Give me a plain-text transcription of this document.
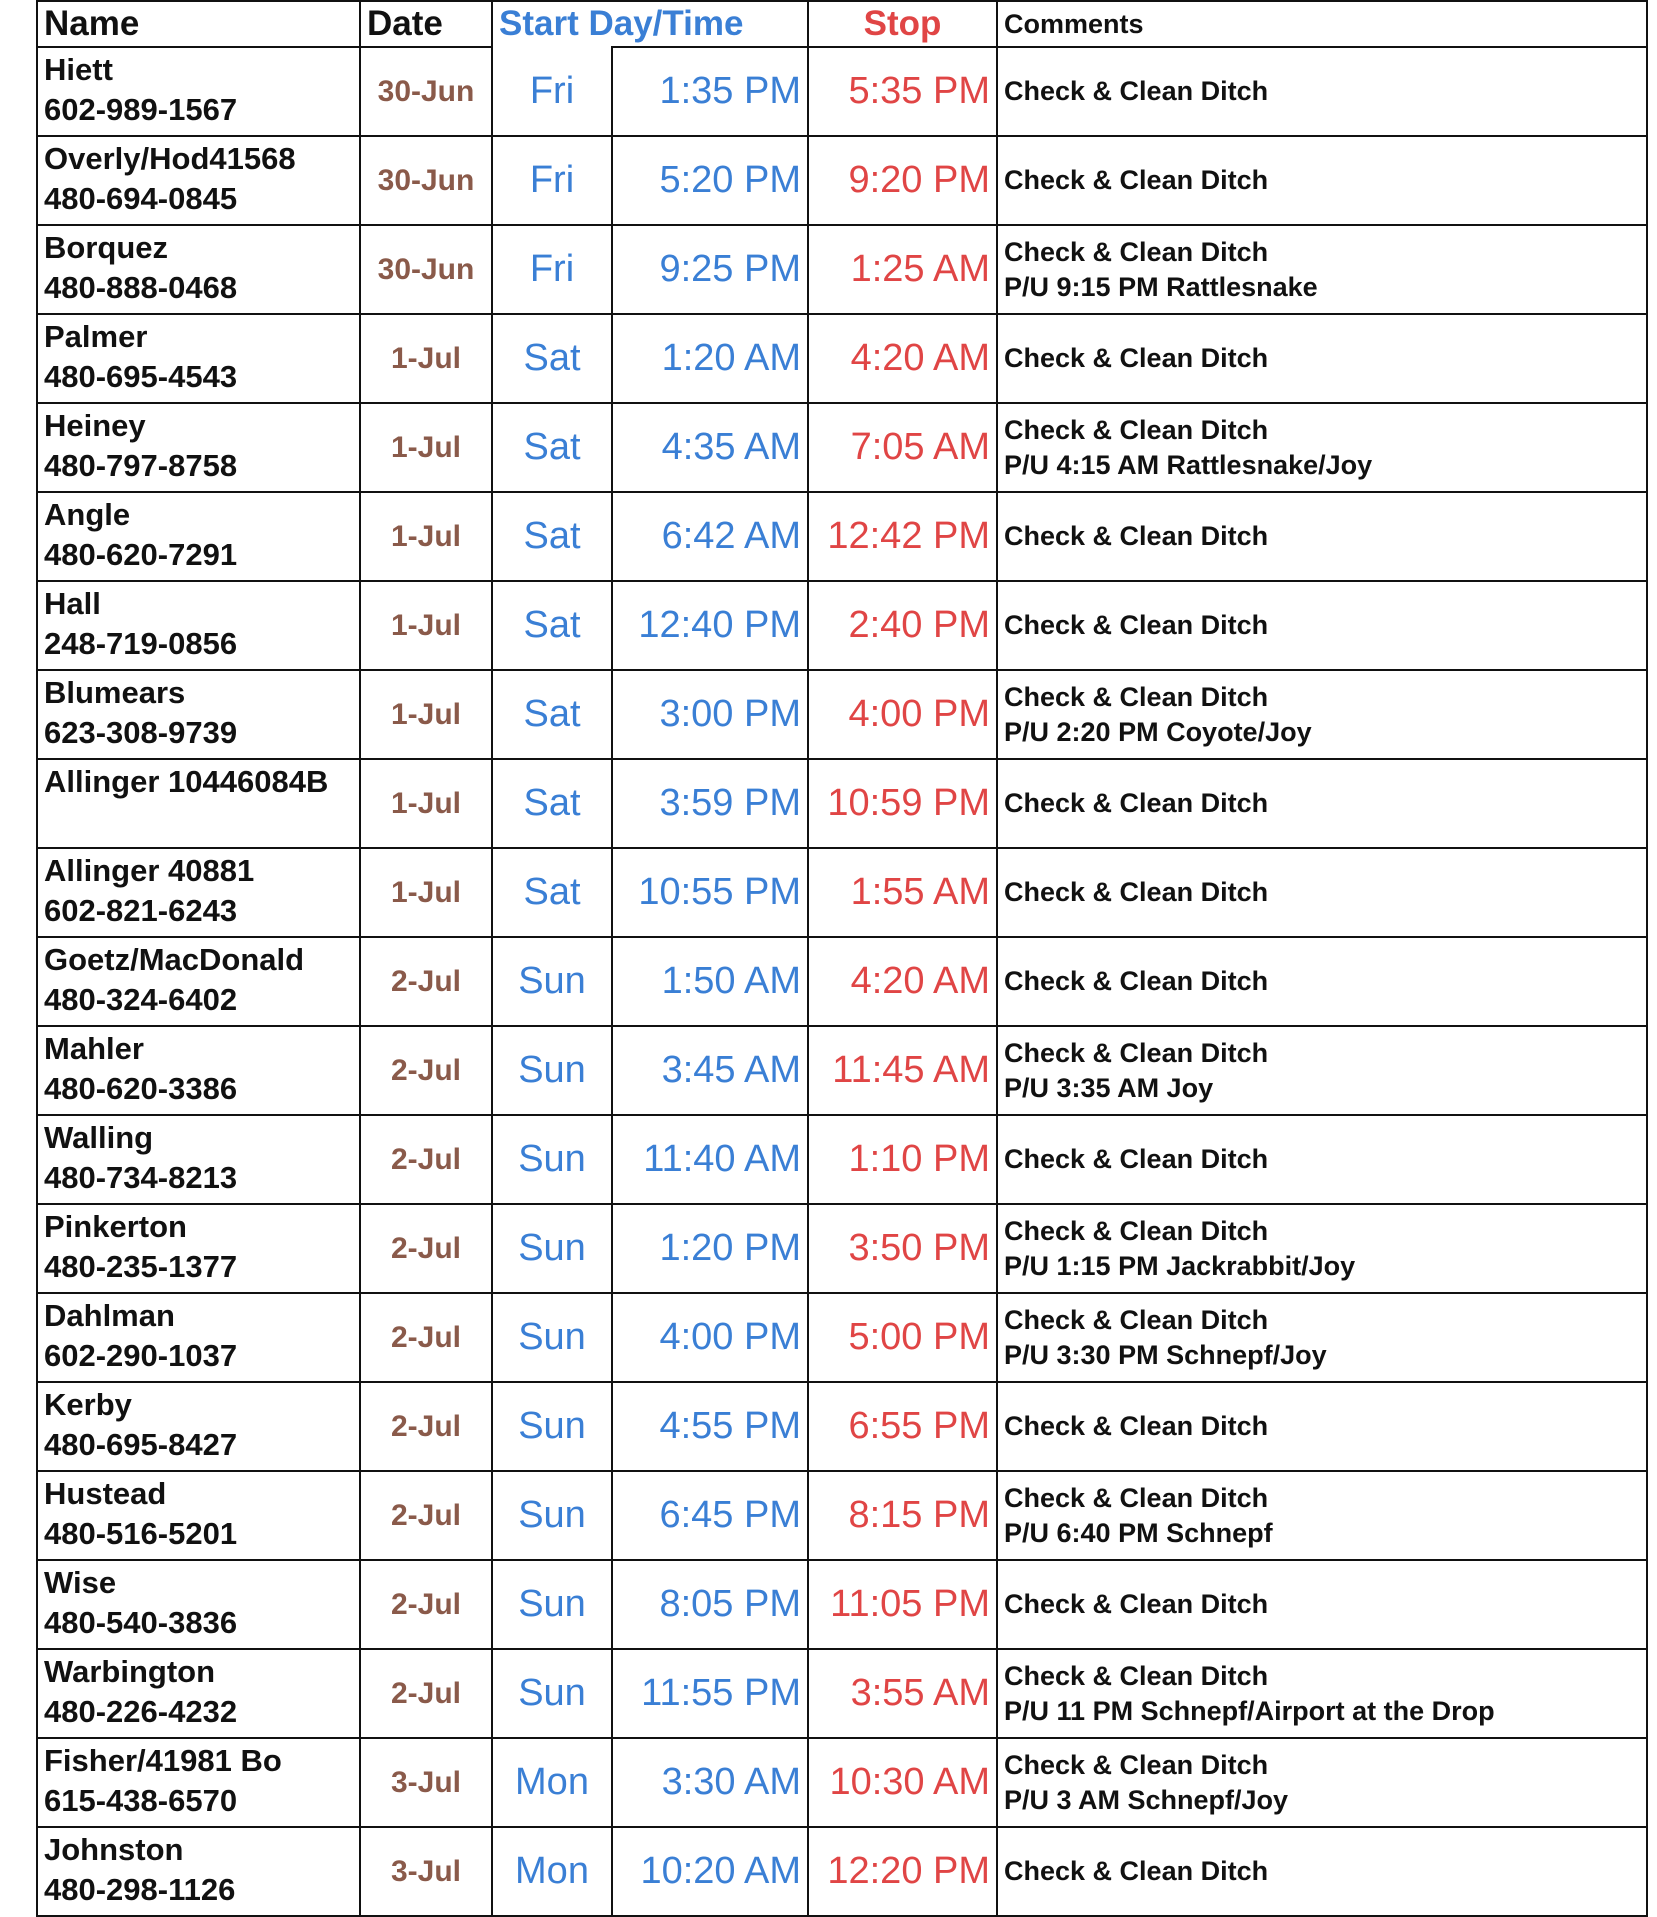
Name	Date	Start Day/Time		Stop	Comments

Hiett
602-989-1567	30-Jun	Fri	1:35 PM	5:35 PM	Check & Clean Ditch

Overly/Hod41568
480-694-0845	30-Jun	Fri	5:20 PM	9:20 PM	Check & Clean Ditch

Borquez
480-888-0468	30-Jun	Fri	9:25 PM	1:25 AM	Check & Clean Ditch
P/U 9:15 PM Rattlesnake

Palmer
480-695-4543	1-Jul	Sat	1:20 AM	4:20 AM	Check & Clean Ditch

Heiney
480-797-8758	1-Jul	Sat	4:35 AM	7:05 AM	Check & Clean Ditch
P/U 4:15 AM Rattlesnake/Joy

Angle
480-620-7291	1-Jul	Sat	6:42 AM	12:42 PM	Check & Clean Ditch

Hall
248-719-0856	1-Jul	Sat	12:40 PM	2:40 PM	Check & Clean Ditch

Blumears
623-308-9739	1-Jul	Sat	3:00 PM	4:00 PM	Check & Clean Ditch
P/U 2:20 PM Coyote/Joy

Allinger 10446084B	1-Jul	Sat	3:59 PM	10:59 PM	Check & Clean Ditch

Allinger 40881
602-821-6243	1-Jul	Sat	10:55 PM	1:55 AM	Check & Clean Ditch

Goetz/MacDonald
480-324-6402	2-Jul	Sun	1:50 AM	4:20 AM	Check & Clean Ditch

Mahler
480-620-3386	2-Jul	Sun	3:45 AM	11:45 AM	Check & Clean Ditch
P/U 3:35 AM Joy

Walling
480-734-8213	2-Jul	Sun	11:40 AM	1:10 PM	Check & Clean Ditch

Pinkerton
480-235-1377	2-Jul	Sun	1:20 PM	3:50 PM	Check & Clean Ditch
P/U 1:15 PM Jackrabbit/Joy

Dahlman
602-290-1037	2-Jul	Sun	4:00 PM	5:00 PM	Check & Clean Ditch
P/U 3:30 PM Schnepf/Joy

Kerby
480-695-8427	2-Jul	Sun	4:55 PM	6:55 PM	Check & Clean Ditch

Hustead
480-516-5201	2-Jul	Sun	6:45 PM	8:15 PM	Check & Clean Ditch
P/U 6:40 PM Schnepf

Wise
480-540-3836	2-Jul	Sun	8:05 PM	11:05 PM	Check & Clean Ditch

Warbington
480-226-4232	2-Jul	Sun	11:55 PM	3:55 AM	Check & Clean Ditch
P/U 11 PM Schnepf/Airport at the Drop

Fisher/41981 Bo
615-438-6570	3-Jul	Mon	3:30 AM	10:30 AM	Check & Clean Ditch
P/U 3 AM Schnepf/Joy

Johnston
480-298-1126	3-Jul	Mon	10:20 AM	12:20 PM	Check & Clean Ditch
